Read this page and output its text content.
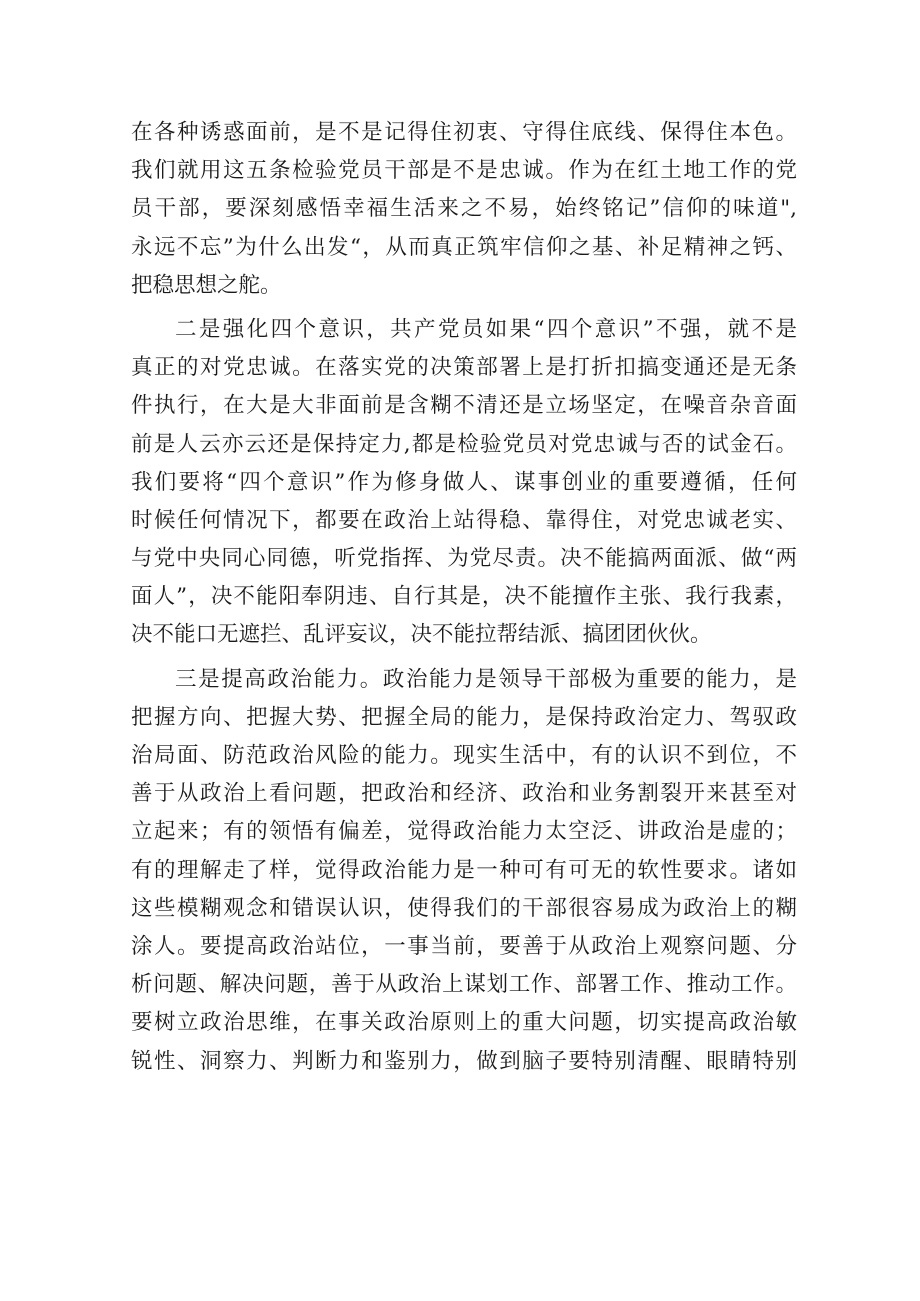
在各种诱惑面前，是不是记得住初衷、守得住底线、保得住本色。
我们就用这五条检验党员干部是不是忠诚。作为在红土地工作的党
员干部，要深刻感悟幸福生活来之不易，始终铭记”信仰的味道",
永远不忘”为什么出发“，从而真正筑牢信仰之基、补足精神之钙、
把稳思想之舵。
二是强化四个意识，共产党员如果“四个意识”不强，就不是
真正的对党忠诚。在落实党的决策部署上是打折扣搞变通还是无条
件执行，在大是大非面前是含糊不清还是立场坚定，在噪音杂音面
前是人云亦云还是保持定力,都是检验党员对党忠诚与否的试金石。
我们要将“四个意识”作为修身做人、谋事创业的重要遵循，任何
时候任何情况下，都要在政治上站得稳、靠得住，对党忠诚老实、
与党中央同心同德，听党指挥、为党尽责。决不能搞两面派、做“两
面人”，决不能阳奉阴违、自行其是，决不能擅作主张、我行我素，
决不能口无遮拦、乱评妄议，决不能拉帮结派、搞团团伙伙。
三是提高政治能力。政治能力是领导干部极为重要的能力，是
把握方向、把握大势、把握全局的能力，是保持政治定力、驾驭政
治局面、防范政治风险的能力。现实生活中，有的认识不到位，不
善于从政治上看问题，把政治和经济、政治和业务割裂开来甚至对
立起来；有的领悟有偏差，觉得政治能力太空泛、讲政治是虚的；
有的理解走了样，觉得政治能力是一种可有可无的软性要求。诸如
这些模糊观念和错误认识，使得我们的干部很容易成为政治上的糊
涂人。要提高政治站位，一事当前，要善于从政治上观察问题、分
析问题、解决问题，善于从政治上谋划工作、部署工作、推动工作。
要树立政治思维，在事关政治原则上的重大问题，切实提高政治敏
锐性、洞察力、判断力和鉴别力，做到脑子要特别清醒、眼睛特别
